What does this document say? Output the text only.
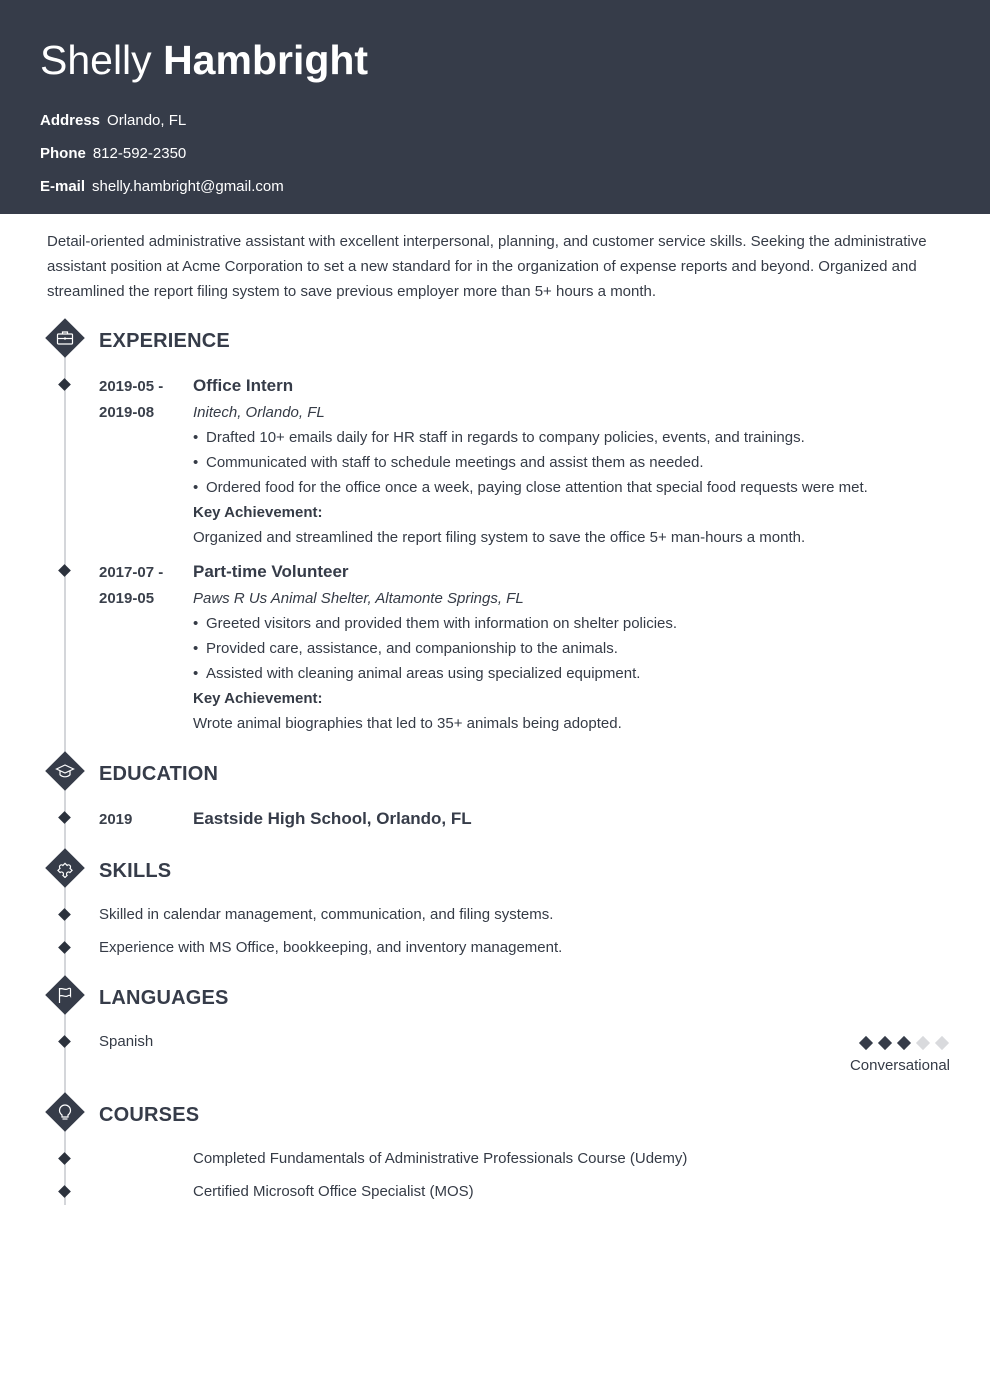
Shelly Hambright
Address Orlando, FL
Phone 812-592-2350
E-mail shelly.hambright@gmail.com
Detail-oriented administrative assistant with excellent interpersonal, planning, and customer service skills. Seeking the administrative assistant position at Acme Corporation to set a new standard for in the organization of expense reports and beyond. Organized and streamlined the report filing system to save previous employer more than 5+ hours a month.
EXPERIENCE
2019-05 -
2019-08
Office Intern
Initech, Orlando, FL
• Drafted 10+ emails daily for HR staff in regards to company policies, events, and trainings.
• Communicated with staff to schedule meetings and assist them as needed.
• Ordered food for the office once a week, paying close attention that special food requests were met.
Key Achievement:
Organized and streamlined the report filing system to save the office 5+ man-hours a month.
2017-07 -
2019-05
Part-time Volunteer
Paws R Us Animal Shelter, Altamonte Springs, FL
• Greeted visitors and provided them with information on shelter policies.
• Provided care, assistance, and companionship to the animals.
• Assisted with cleaning animal areas using specialized equipment.
Key Achievement:
Wrote animal biographies that led to 35+ animals being adopted.
EDUCATION
2019	Eastside High School, Orlando, FL
SKILLS
Skilled in calendar management, communication, and filing systems.
Experience with MS Office, bookkeeping, and inventory management.
LANGUAGES
Spanish
Conversational
COURSES
Completed Fundamentals of Administrative Professionals Course (Udemy)
Certified Microsoft Office Specialist (MOS)
